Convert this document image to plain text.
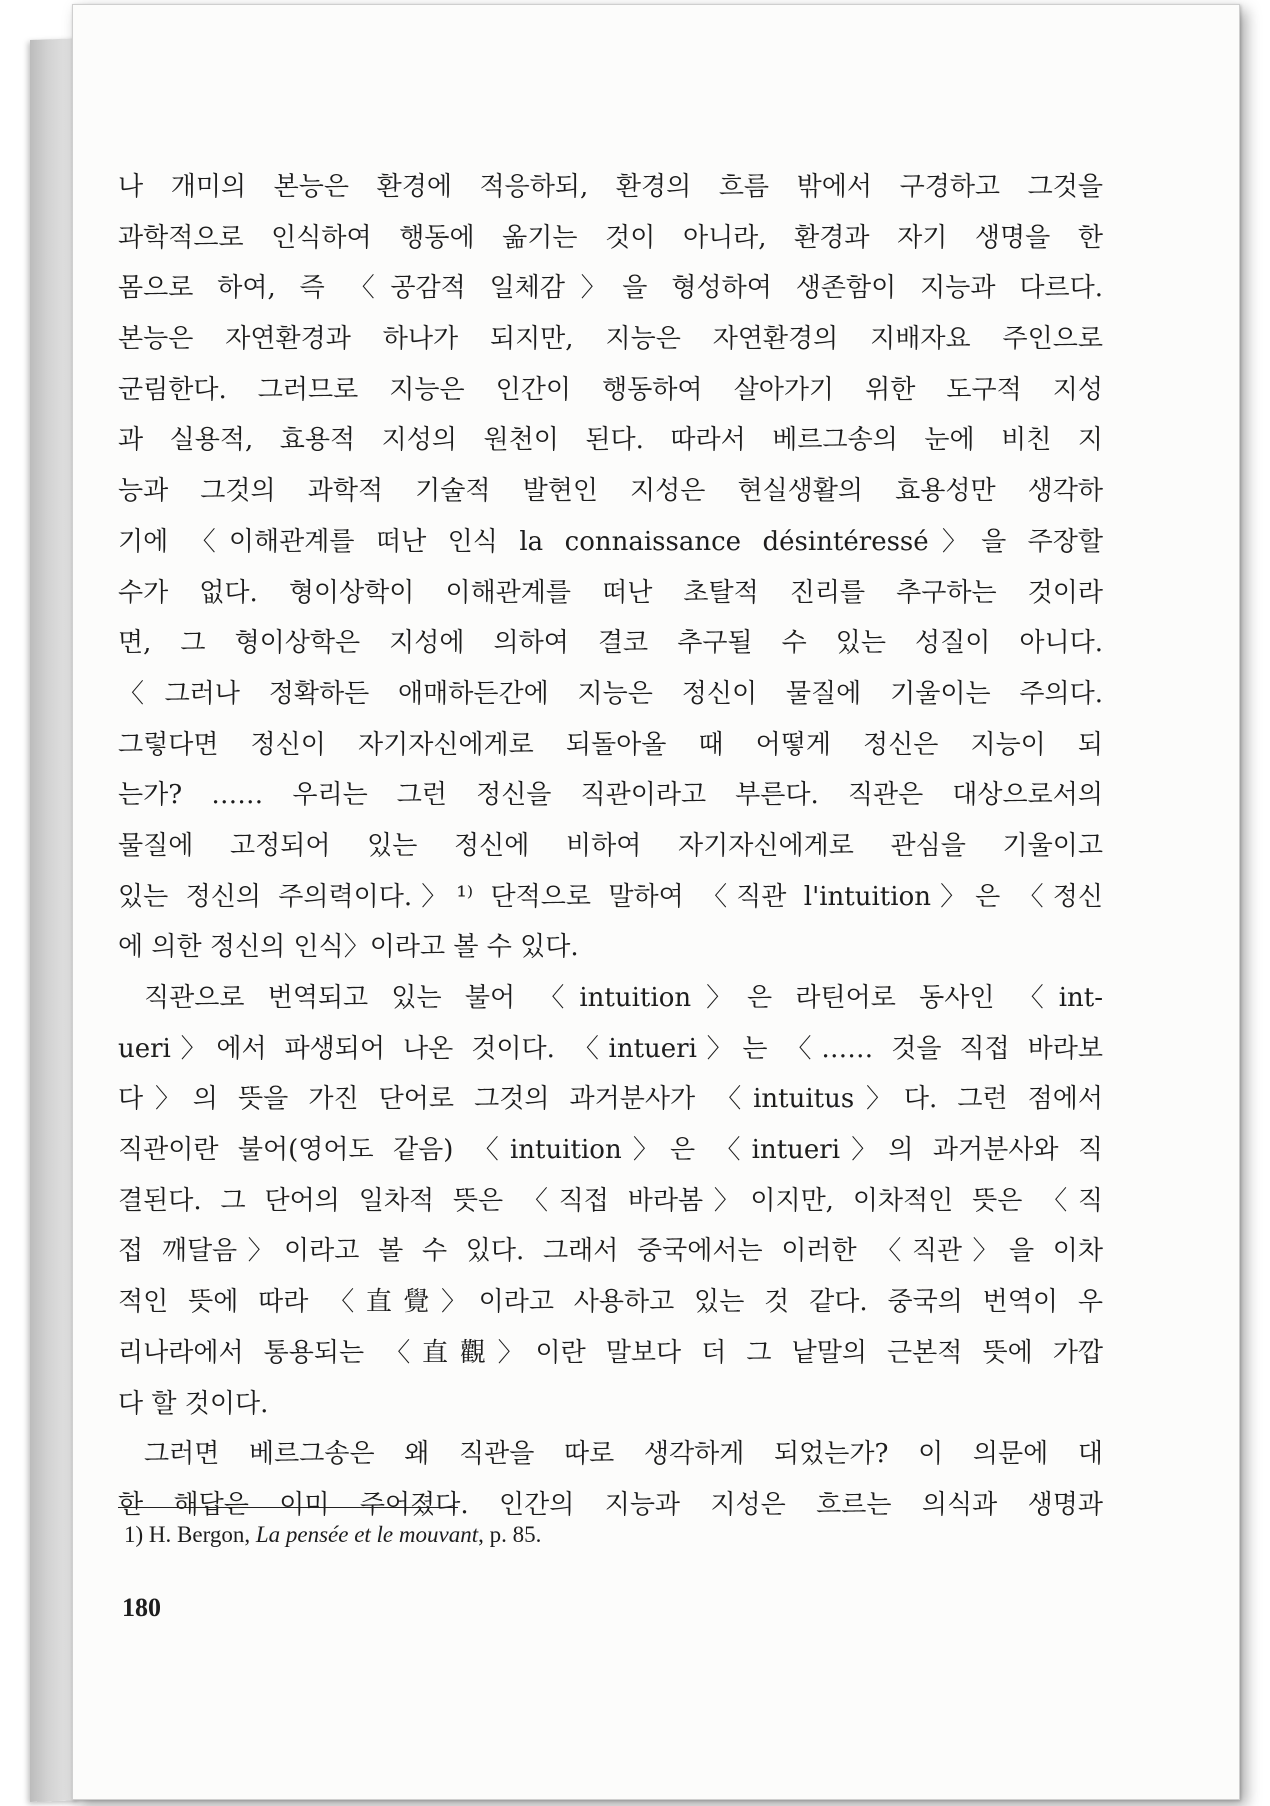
나 개미의 본능은 환경에 적응하되, 환경의 흐름 밖에서 구경하고 그것을
과학적으로 인식하여 행동에 옮기는 것이 아니라, 환경과 자기 생명을 한
몸으로 하여, 즉 〈공감적 일체감〉을 형성하여 생존함이 지능과 다르다.
본능은 자연환경과 하나가 되지만, 지능은 자연환경의 지배자요 주인으로
군림한다. 그러므로 지능은 인간이 행동하여 살아가기 위한 도구적 지성
과 실용적, 효용적 지성의 원천이 된다. 따라서 베르그송의 눈에 비친 지
능과 그것의 과학적 기술적 발현인 지성은 현실생활의 효용성만 생각하
기에 〈이해관계를 떠난 인식 la connaissance désintéressé〉을 주장할
수가 없다. 형이상학이 이해관계를 떠난 초탈적 진리를 추구하는 것이라
면, 그 형이상학은 지성에 의하여 결코 추구될 수 있는 성질이 아니다.
〈그러나 정확하든 애매하든간에 지능은 정신이 물질에 기울이는 주의다.
그렇다면 정신이 자기자신에게로 되돌아올 때 어떻게 정신은 지능이 되
는가? …… 우리는 그런 정신을 직관이라고 부른다. 직관은 대상으로서의
물질에 고정되어 있는 정신에 비하여 자기자신에게로 관심을 기울이고
있는 정신의 주의력이다.〉¹⁾ 단적으로 말하여 〈직관 l'intuition〉은 〈정신
에 의한 정신의 인식〉이라고 볼 수 있다.
직관으로 번역되고 있는 불어 〈intuition〉은 라틴어로 동사인 〈int-
ueri〉에서 파생되어 나온 것이다. 〈intueri〉는 〈…… 것을 직접 바라보
다〉의 뜻을 가진 단어로 그것의 과거분사가 〈intuitus〉다. 그런 점에서
직관이란 불어(영어도 같음) 〈intuition〉은 〈intueri〉의 과거분사와 직
결된다. 그 단어의 일차적 뜻은 〈직접 바라봄〉이지만, 이차적인 뜻은 〈직
접 깨달음〉이라고 볼 수 있다. 그래서 중국에서는 이러한 〈직관〉을 이차
적인 뜻에 따라 〈直覺〉이라고 사용하고 있는 것 같다. 중국의 번역이 우
리나라에서 통용되는 〈直觀〉이란 말보다 더 그 낱말의 근본적 뜻에 가깝
다 할 것이다.
그러면 베르그송은 왜 직관을 따로 생각하게 되었는가? 이 의문에 대
한 해답은 이미 주어졌다. 인간의 지능과 지성은 흐르는 의식과 생명과
1) H. Bergon, La pensée et le mouvant, p. 85.
180
